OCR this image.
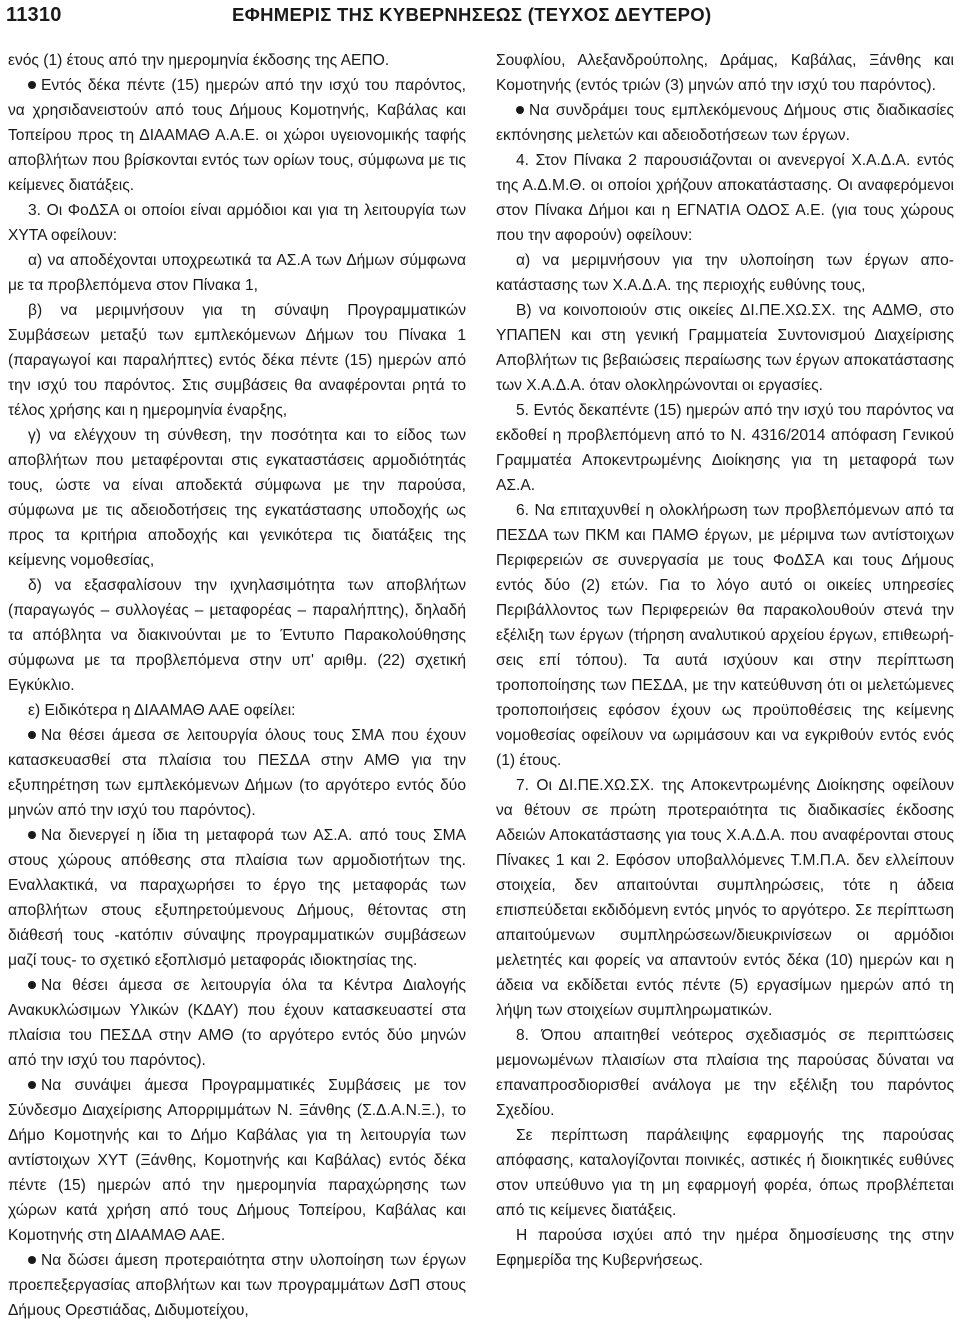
11310	ΕΦΗΜΕΡΙΣ ΤΗΣ ΚΥΒΕΡΝΗΣΕΩΣ (ΤΕΥΧΟΣ ΔΕΥΤΕΡΟ)

ενός (1) έτους από την ημερομηνία έκδοσης της ΑΕΠΟ.

Εντός δέκα πέντε (15) ημερών από την ισχύ του παρόντος, να χρησιδανειστούν από τους Δήμους Κομοτηνής, Καβάλας και Τοπείρου προς τη ΔΙΑΑΜΑΘ Α.Α.Ε. οι χώροι υγειονομικής ταφής αποβλήτων που βρίσκονται εντός των ορίων τους, σύμφωνα με τις κείμενες διατάξεις.

3. Οι ΦοΔΣΑ οι οποίοι είναι αρμόδιοι και για τη λειτουργία των ΧΥΤΑ οφείλουν:

α) να αποδέχονται υποχρεωτικά τα ΑΣ.Α των Δήμων σύμφωνα με τα προβλεπόμενα στον Πίνακα 1,

β) να μεριμνήσουν για τη σύναψη Προγραμματικών Συμβάσεων μεταξύ των εμπλεκόμενων Δήμων του Πίνακα 1 (παραγωγοί και παραλήπτες) εντός δέκα πέντε (15) ημερών από την ισχύ του παρόντος. Στις συμβάσεις θα αναφέρονται ρητά το τέλος χρήσης και η ημερομηνία έναρξης,

γ) να ελέγχουν τη σύνθεση, την ποσότητα και το είδος των αποβλήτων που μεταφέρονται στις εγκαταστάσεις αρμοδιότητάς τους, ώστε να είναι αποδεκτά σύμφωνα με την παρούσα, σύμφωνα με τις αδειοδοτήσεις της εγκατάστασης υποδοχής ως προς τα κριτήρια αποδοχής και γενικότερα τις διατάξεις της κείμενης νομοθεσίας,

δ) να εξασφαλίσουν την ιχνηλασιμότητα των αποβλήτων (παραγωγός – συλλογέας – μεταφορέας – παραλήπτης), δηλαδή τα απόβλητα να διακινούνται με το Έντυπο Παρακολούθησης σύμφωνα με τα προβλεπόμενα στην υπ' αριθμ. (22) σχετική Εγκύκλιο.

ε) Ειδικότερα η ΔΙΑΑΜΑΘ ΑΑΕ οφείλει:

Να θέσει άμεσα σε λειτουργία όλους τους ΣΜΑ που έχουν κατασκευασθεί στα πλαίσια του ΠΕΣΔΑ στην ΑΜΘ για την εξυπηρέτηση των εμπλεκόμενων Δήμων (το αργότερο εντός δύο μηνών από την ισχύ του παρόντος).

Να διενεργεί η ίδια τη μεταφορά των ΑΣ.Α. από τους ΣΜΑ στους χώρους απόθεσης στα πλαίσια των αρμοδιοτήτων της. Εναλλακτικά, να παραχωρήσει το έργο της μεταφοράς των αποβλήτων στους εξυπηρετούμενους Δήμους, θέτοντας στη διάθεσή τους -κατόπιν σύναψης προγραμματικών συμβάσεων μαζί τους- το σχετικό εξοπλισμό μεταφοράς ιδιοκτησίας της.

Να θέσει άμεσα σε λειτουργία όλα τα Κέντρα Διαλογής Ανακυκλώσιμων Υλικών (ΚΔΑΥ) που έχουν κατασκευαστεί στα πλαίσια του ΠΕΣΔΑ στην ΑΜΘ (το αργότερο εντός δύο μηνών από την ισχύ του παρόντος).

Να συνάψει άμεσα Προγραμματικές Συμβάσεις με τον Σύνδεσμο Διαχείρισης Απορριμμάτων Ν. Ξάνθης (Σ.Δ.Α.Ν.Ξ.), το Δήμο Κομοτηνής και το Δήμο Καβάλας για τη λειτουργία των αντίστοιχων ΧΥΤ (Ξάνθης, Κομοτηνής και Καβάλας) εντός δέκα πέντε (15) ημερών από την ημερομηνία παραχώρησης των χώρων κατά χρήση από τους Δήμους Τοπείρου, Καβάλας και Κομοτηνής στη ΔΙΑΑΜΑΘ ΑΑΕ.

Να δώσει άμεση προτεραιότητα στην υλοποίηση των έργων προεπεξεργασίας αποβλήτων και των προγραμμάτων ΔσΠ στους Δήμους Ορεστιάδας, Διδυμοτείχου,

Σουφλίου, Αλεξανδρούπολης, Δράμας, Καβάλας, Ξάνθης και Κομοτηνής (εντός τριών (3) μηνών από την ισχύ του παρόντος).

Να συνδράμει τους εμπλεκόμενους Δήμους στις διαδικασίες εκπόνησης μελετών και αδειοδοτήσεων των έργων.

4. Στον Πίνακα 2 παρουσιάζονται οι ανενεργοί Χ.Α.Δ.Α. εντός της Α.Δ.Μ.Θ. οι οποίοι χρήζουν αποκατάστασης. Οι αναφερόμενοι στον Πίνακα Δήμοι και η ΕΓΝΑΤΙΑ ΟΔΟΣ Α.Ε. (για τους χώρους που την αφορούν) οφείλουν:

α) να μεριμνήσουν για την υλοποίηση των έργων αποκατάστασης των Χ.Α.Δ.Α. της περιοχής ευθύνης τους,

Β) να κοινοποιούν στις οικείες ΔΙ.ΠΕ.ΧΩ.ΣΧ. της ΑΔΜΘ, στο ΥΠΑΠΕΝ και στη γενική Γραμματεία Συντονισμού Διαχείρισης Αποβλήτων τις βεβαιώσεις περαίωσης των έργων αποκατάστασης των Χ.Α.Δ.Α. όταν ολοκληρώνονται οι εργασίες.

5. Εντός δεκαπέντε (15) ημερών από την ισχύ του παρόντος να εκδοθεί η προβλεπόμενη από το Ν. 4316/2014 απόφαση Γενικού Γραμματέα Αποκεντρωμένης Διοίκησης για τη μεταφορά των ΑΣ.Α.

6. Να επιταχυνθεί η ολοκλήρωση των προβλεπόμενων από τα ΠΕΣΔΑ των ΠΚΜ και ΠΑΜΘ έργων, με μέριμνα των αντίστοιχων Περιφερειών σε συνεργασία με τους ΦοΔΣΑ και τους Δήμους εντός δύο (2) ετών. Για το λόγο αυτό οι οικείες υπηρεσίες Περιβάλλοντος των Περιφερειών θα παρακολουθούν στενά την εξέλιξη των έργων (τήρηση αναλυτικού αρχείου έργων, επιθεωρήσεις επί τόπου). Τα αυτά ισχύουν και στην περίπτωση τροποποίησης των ΠΕΣΔΑ, με την κατεύθυνση ότι οι μελετώμενες τροποποιήσεις εφόσον έχουν ως προϋποθέσεις της κείμενης νομοθεσίας οφείλουν να ωριμάσουν και να εγκριθούν εντός ενός (1) έτους.

7. Οι ΔΙ.ΠΕ.ΧΩ.ΣΧ. της Αποκεντρωμένης Διοίκησης οφείλουν να θέτουν σε πρώτη προτεραιότητα τις διαδικασίες έκδοσης Αδειών Αποκατάστασης για τους Χ.Α.Δ.Α. που αναφέρονται στους Πίνακες 1 και 2. Εφόσον υποβαλλόμενες Τ.Μ.Π.Α. δεν ελλείπουν στοιχεία, δεν απαιτούνται συμπληρώσεις, τότε η άδεια επισπεύδεται εκδιδόμενη εντός μηνός το αργότερο. Σε περίπτωση απαιτούμενων συμπληρώσεων/διευκρινίσεων οι αρμόδιοι μελετητές και φορείς να απαντούν εντός δέκα (10) ημερών και η άδεια να εκδίδεται εντός πέντε (5) εργασίμων ημερών από τη λήψη των στοιχείων συμπληρωματικών.

8. Όπου απαιτηθεί νεότερος σχεδιασμός σε περιπτώσεις μεμονωμένων πλαισίων στα πλαίσια της παρούσας δύναται να επαναπροσδιορισθεί ανάλογα με την εξέλιξη του παρόντος Σχεδίου.

Σε περίπτωση παράλειψης εφαρμογής της παρούσας απόφασης, καταλογίζονται ποινικές, αστικές ή διοικητικές ευθύνες στον υπεύθυνο για τη μη εφαρμογή φορέα, όπως προβλέπεται από τις κείμενες διατάξεις.

Η παρούσα ισχύει από την ημέρα δημοσίευσης της στην Εφημερίδα της Κυβερνήσεως.
